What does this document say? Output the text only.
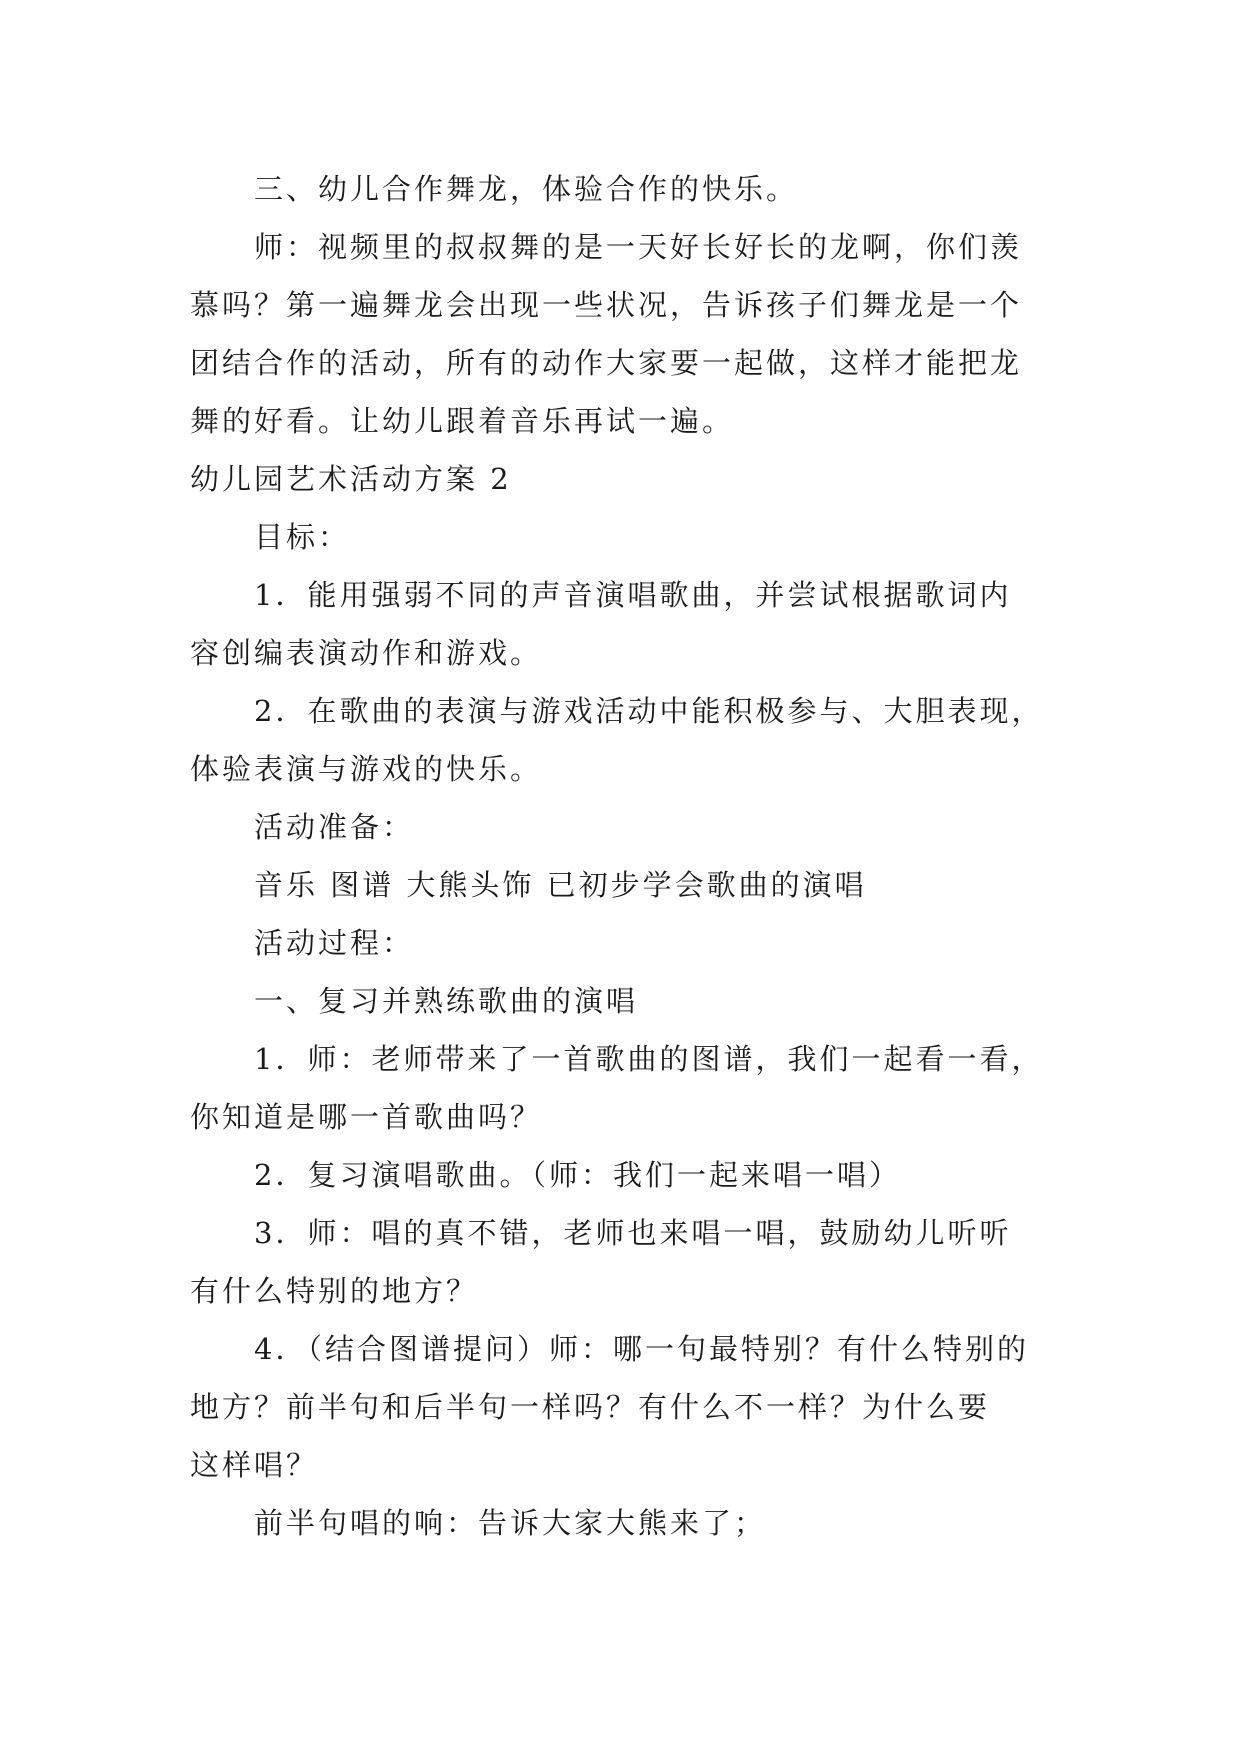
三、幼儿合作舞龙，体验合作的快乐。

师：视频里的叔叔舞的是一天好长好长的龙啊，你们羡
慕吗？第一遍舞龙会出现一些状况，告诉孩子们舞龙是一个
团结合作的活动，所有的动作大家要一起做，这样才能把龙
舞的好看。让幼儿跟着音乐再试一遍。

幼儿园艺术活动方案 2

目标：

1．能用强弱不同的声音演唱歌曲，并尝试根据歌词内
容创编表演动作和游戏。

2．在歌曲的表演与游戏活动中能积极参与、大胆表现，
体验表演与游戏的快乐。

活动准备：

音乐 图谱 大熊头饰 已初步学会歌曲的演唱

活动过程：

一、复习并熟练歌曲的演唱

1．师：老师带来了一首歌曲的图谱，我们一起看一看，
你知道是哪一首歌曲吗？

2．复习演唱歌曲。（师：我们一起来唱一唱）

3．师：唱的真不错，老师也来唱一唱，鼓励幼儿听听
有什么特别的地方？

4．（结合图谱提问）师：哪一句最特别？有什么特别的
地方？前半句和后半句一样吗？有什么不一样？为什么要
这样唱？

前半句唱的响：告诉大家大熊来了；
